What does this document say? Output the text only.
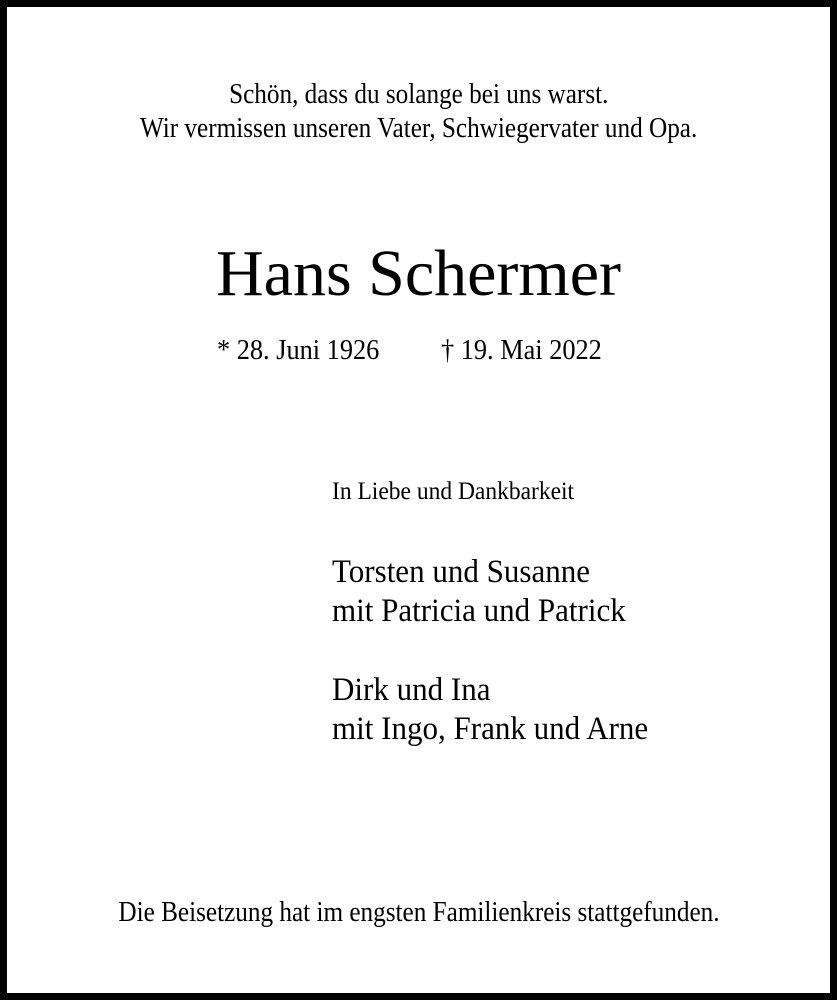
Schön, dass du solange bei uns warst.
Wir vermissen unseren Vater, Schwiegervater und Opa.
Hans Schermer
* 28. Juni 1926	† 19. Mai 2022
In Liebe und Dankbarkeit
Torsten und Susanne
mit Patricia und Patrick
Dirk und Ina
mit Ingo, Frank und Arne
Die Beisetzung hat im engsten Familienkreis stattgefunden.
